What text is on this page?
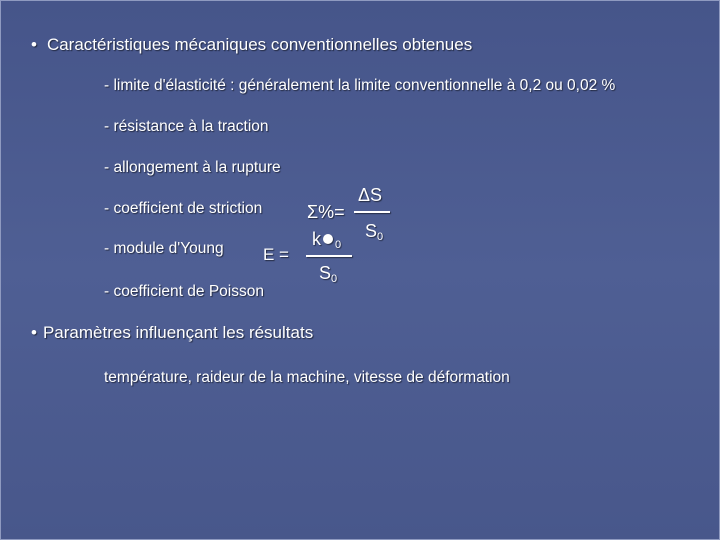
• Caractéristiques mécaniques conventionnelles obtenues
- limite d'élasticité : généralement la limite conventionnelle à 0,2 ou 0,02 %
- résistance à la traction
- allongement à la rupture
- coefficient de striction
- module d'Young
- coefficient de Poisson
Σ%=
ΔS
$S_0$
E =
k $_0$
$S_0$
• Paramètres influençant les résultats
température, raideur de la machine, vitesse de déformation
